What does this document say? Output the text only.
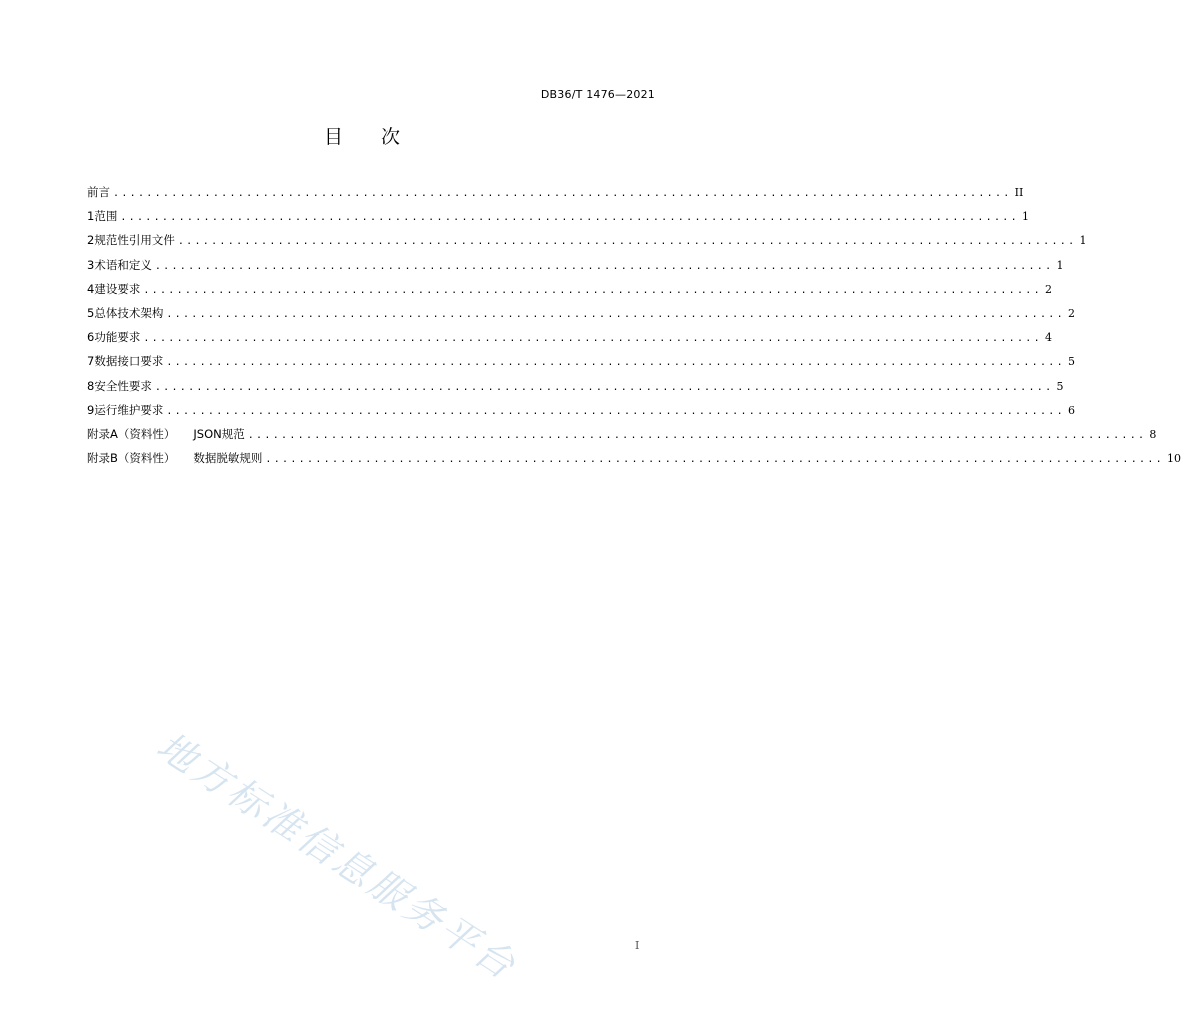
DB36/T 1476—2021
目 次
前言 ............................................................................................................ II
1 范围 ............................................................................................................ 1
2 规范性引用文件 ............................................................................................................ 1
3 术语和定义 ............................................................................................................ 1
4 建设要求 ............................................................................................................ 2
5 总体技术架构 ............................................................................................................ 2
6 功能要求 ............................................................................................................ 4
7 数据接口要求 ............................................................................................................ 5
8 安全性要求 ............................................................................................................ 5
9 运行维护要求 ............................................................................................................ 6
附录A（资料性） JSON规范 ............................................................................................................ 8
附录B（资料性） 数据脱敏规则 ............................................................................................................ 10
地方标准信息服务平台	I
